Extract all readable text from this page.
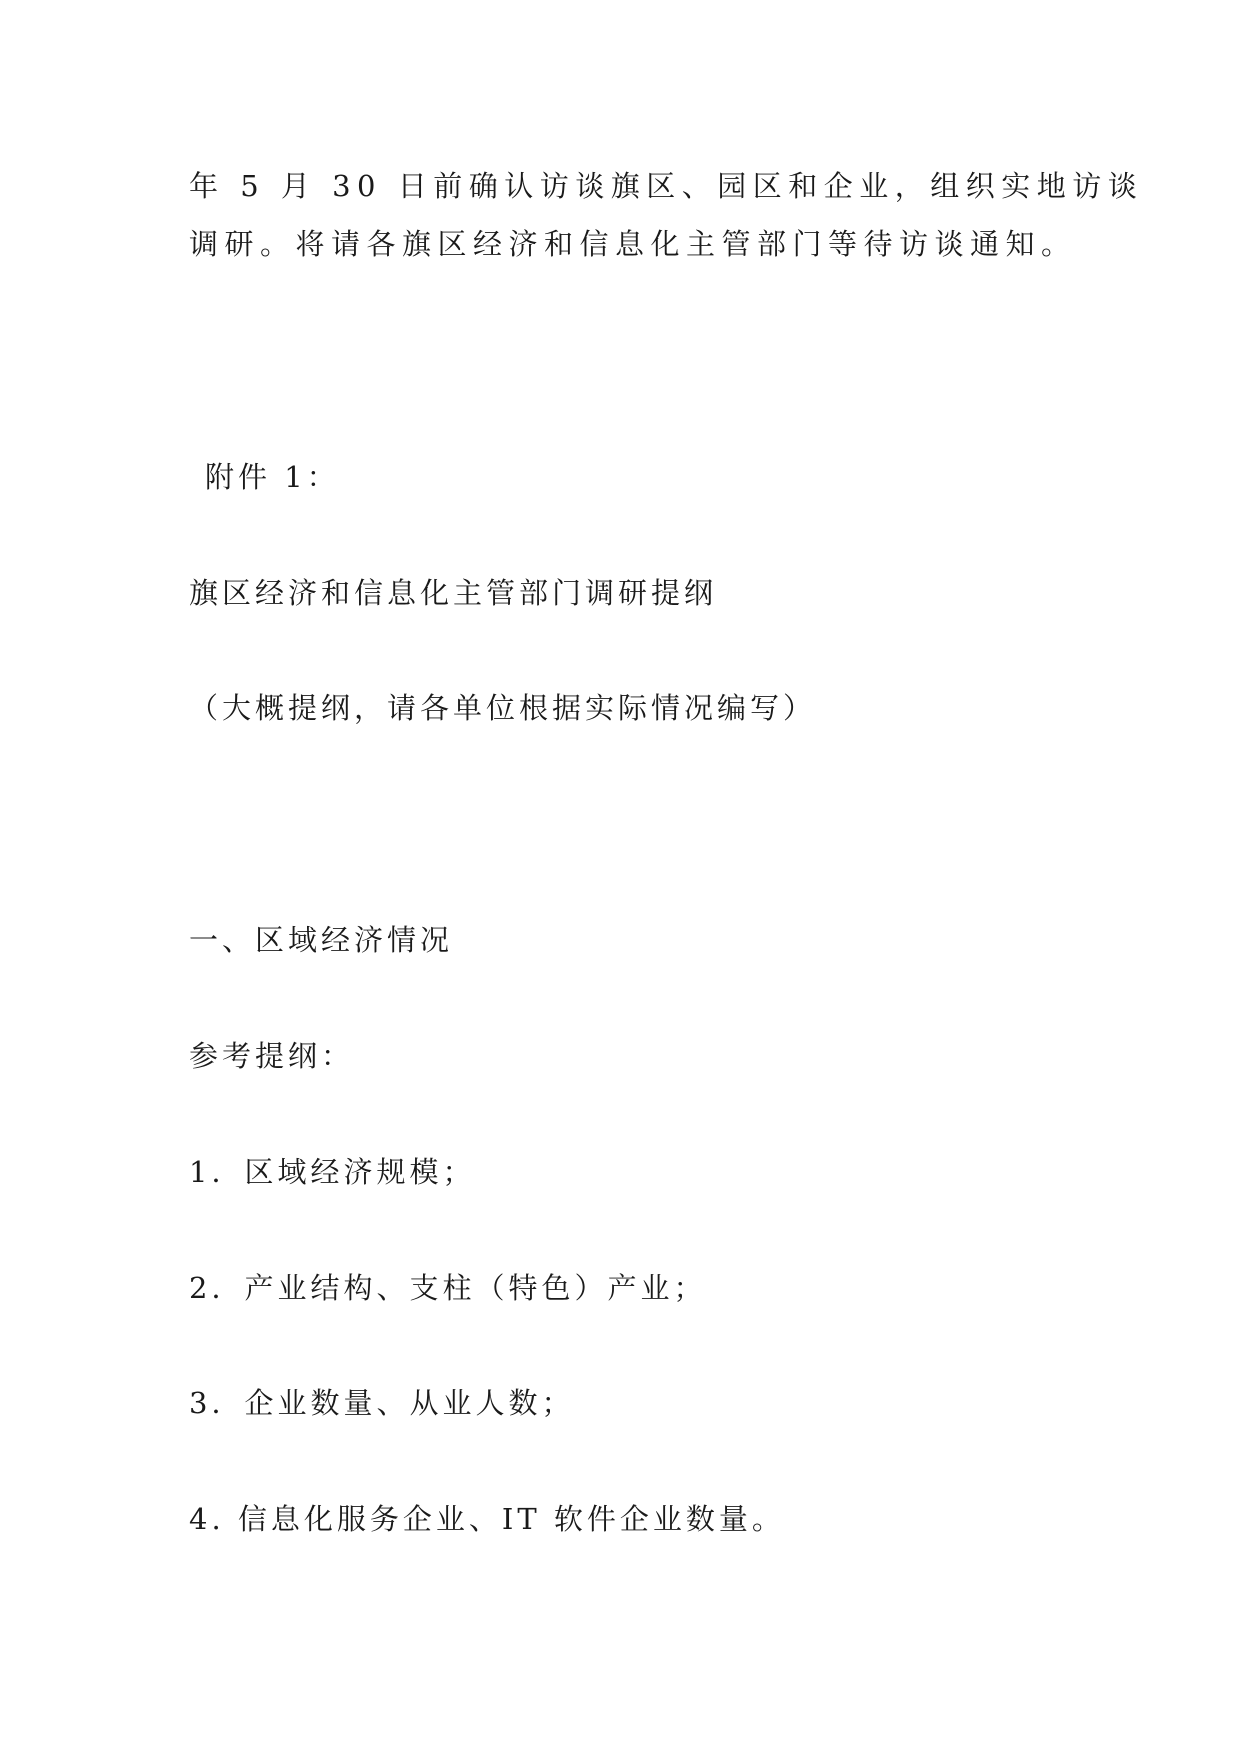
年 5 月 30 日前确认访谈旗区、园区和企业，组织实地访谈
调研。将请各旗区经济和信息化主管部门等待访谈通知。
附件 1：
旗区经济和信息化主管部门调研提纲
（大概提纲，请各单位根据实际情况编写）
一、区域经济情况
参考提纲：
1．区域经济规模；
2．产业结构、支柱（特色）产业；
3．企业数量、从业人数；
4. 信息化服务企业、IT 软件企业数量。
